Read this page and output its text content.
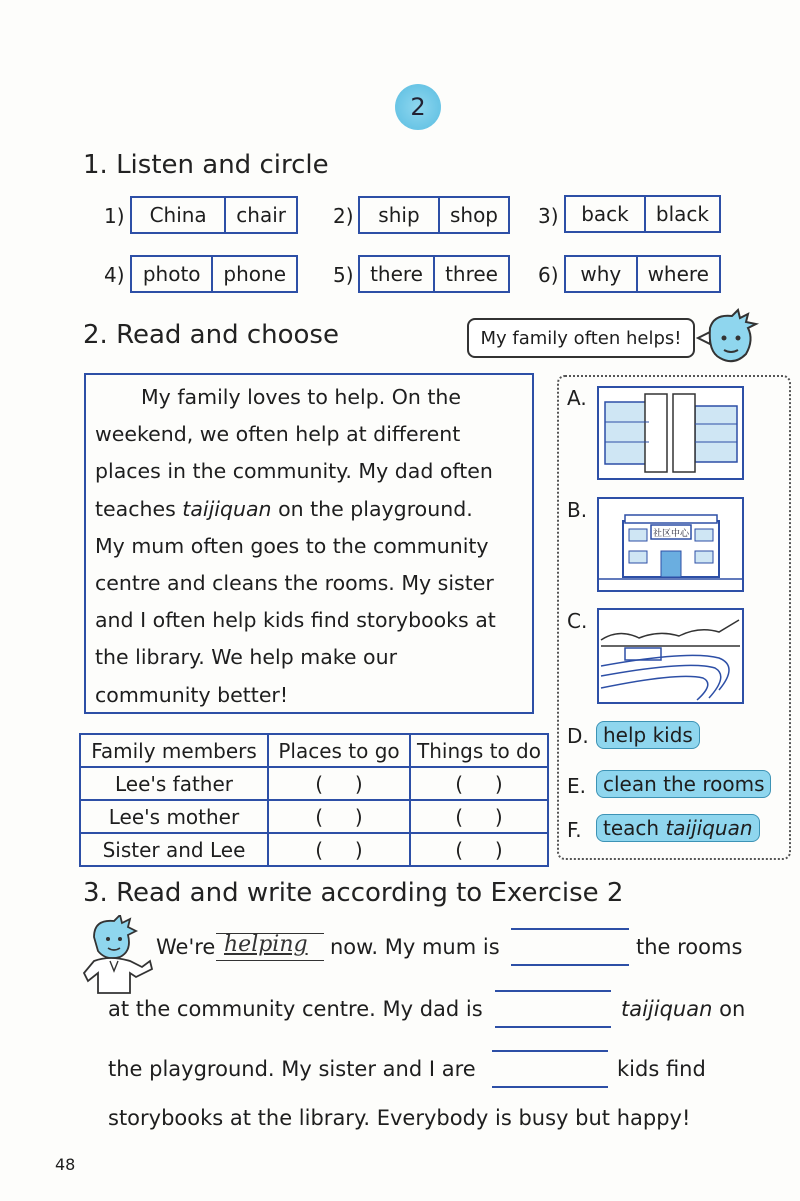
2
1. Listen and circle
1)	China	chair	2)	ship	shop	3)	back	black
4) photo	phone	5) there	three	6)	why	where
2. Read and choose	My family often helps!

My family loves to help. On the

weekend, we often help at different
places in the community. My dad often
teaches taijiquan on the playground.
My mum often goes to the community
centre and cleans the rooms. My sister
and I often help kids find storybooks at
the library. We help make our
community better!
A.
B.
社区中心
C.
D. help kids
E. clean the rooms
F.	teach taijiquan
Family members	Places to go	Things to do
Lee's father	(     )	(     )
Lee's mother	(     )	(     )
Sister and Lee	(     )	(     )
3. Read and write according to Exercise 2
We're helping now. My mum is	the rooms
at the community centre. My dad is	taijiquan on
the playground. My sister and I are	kids find
storybooks at the library. Everybody is busy but happy!
48
